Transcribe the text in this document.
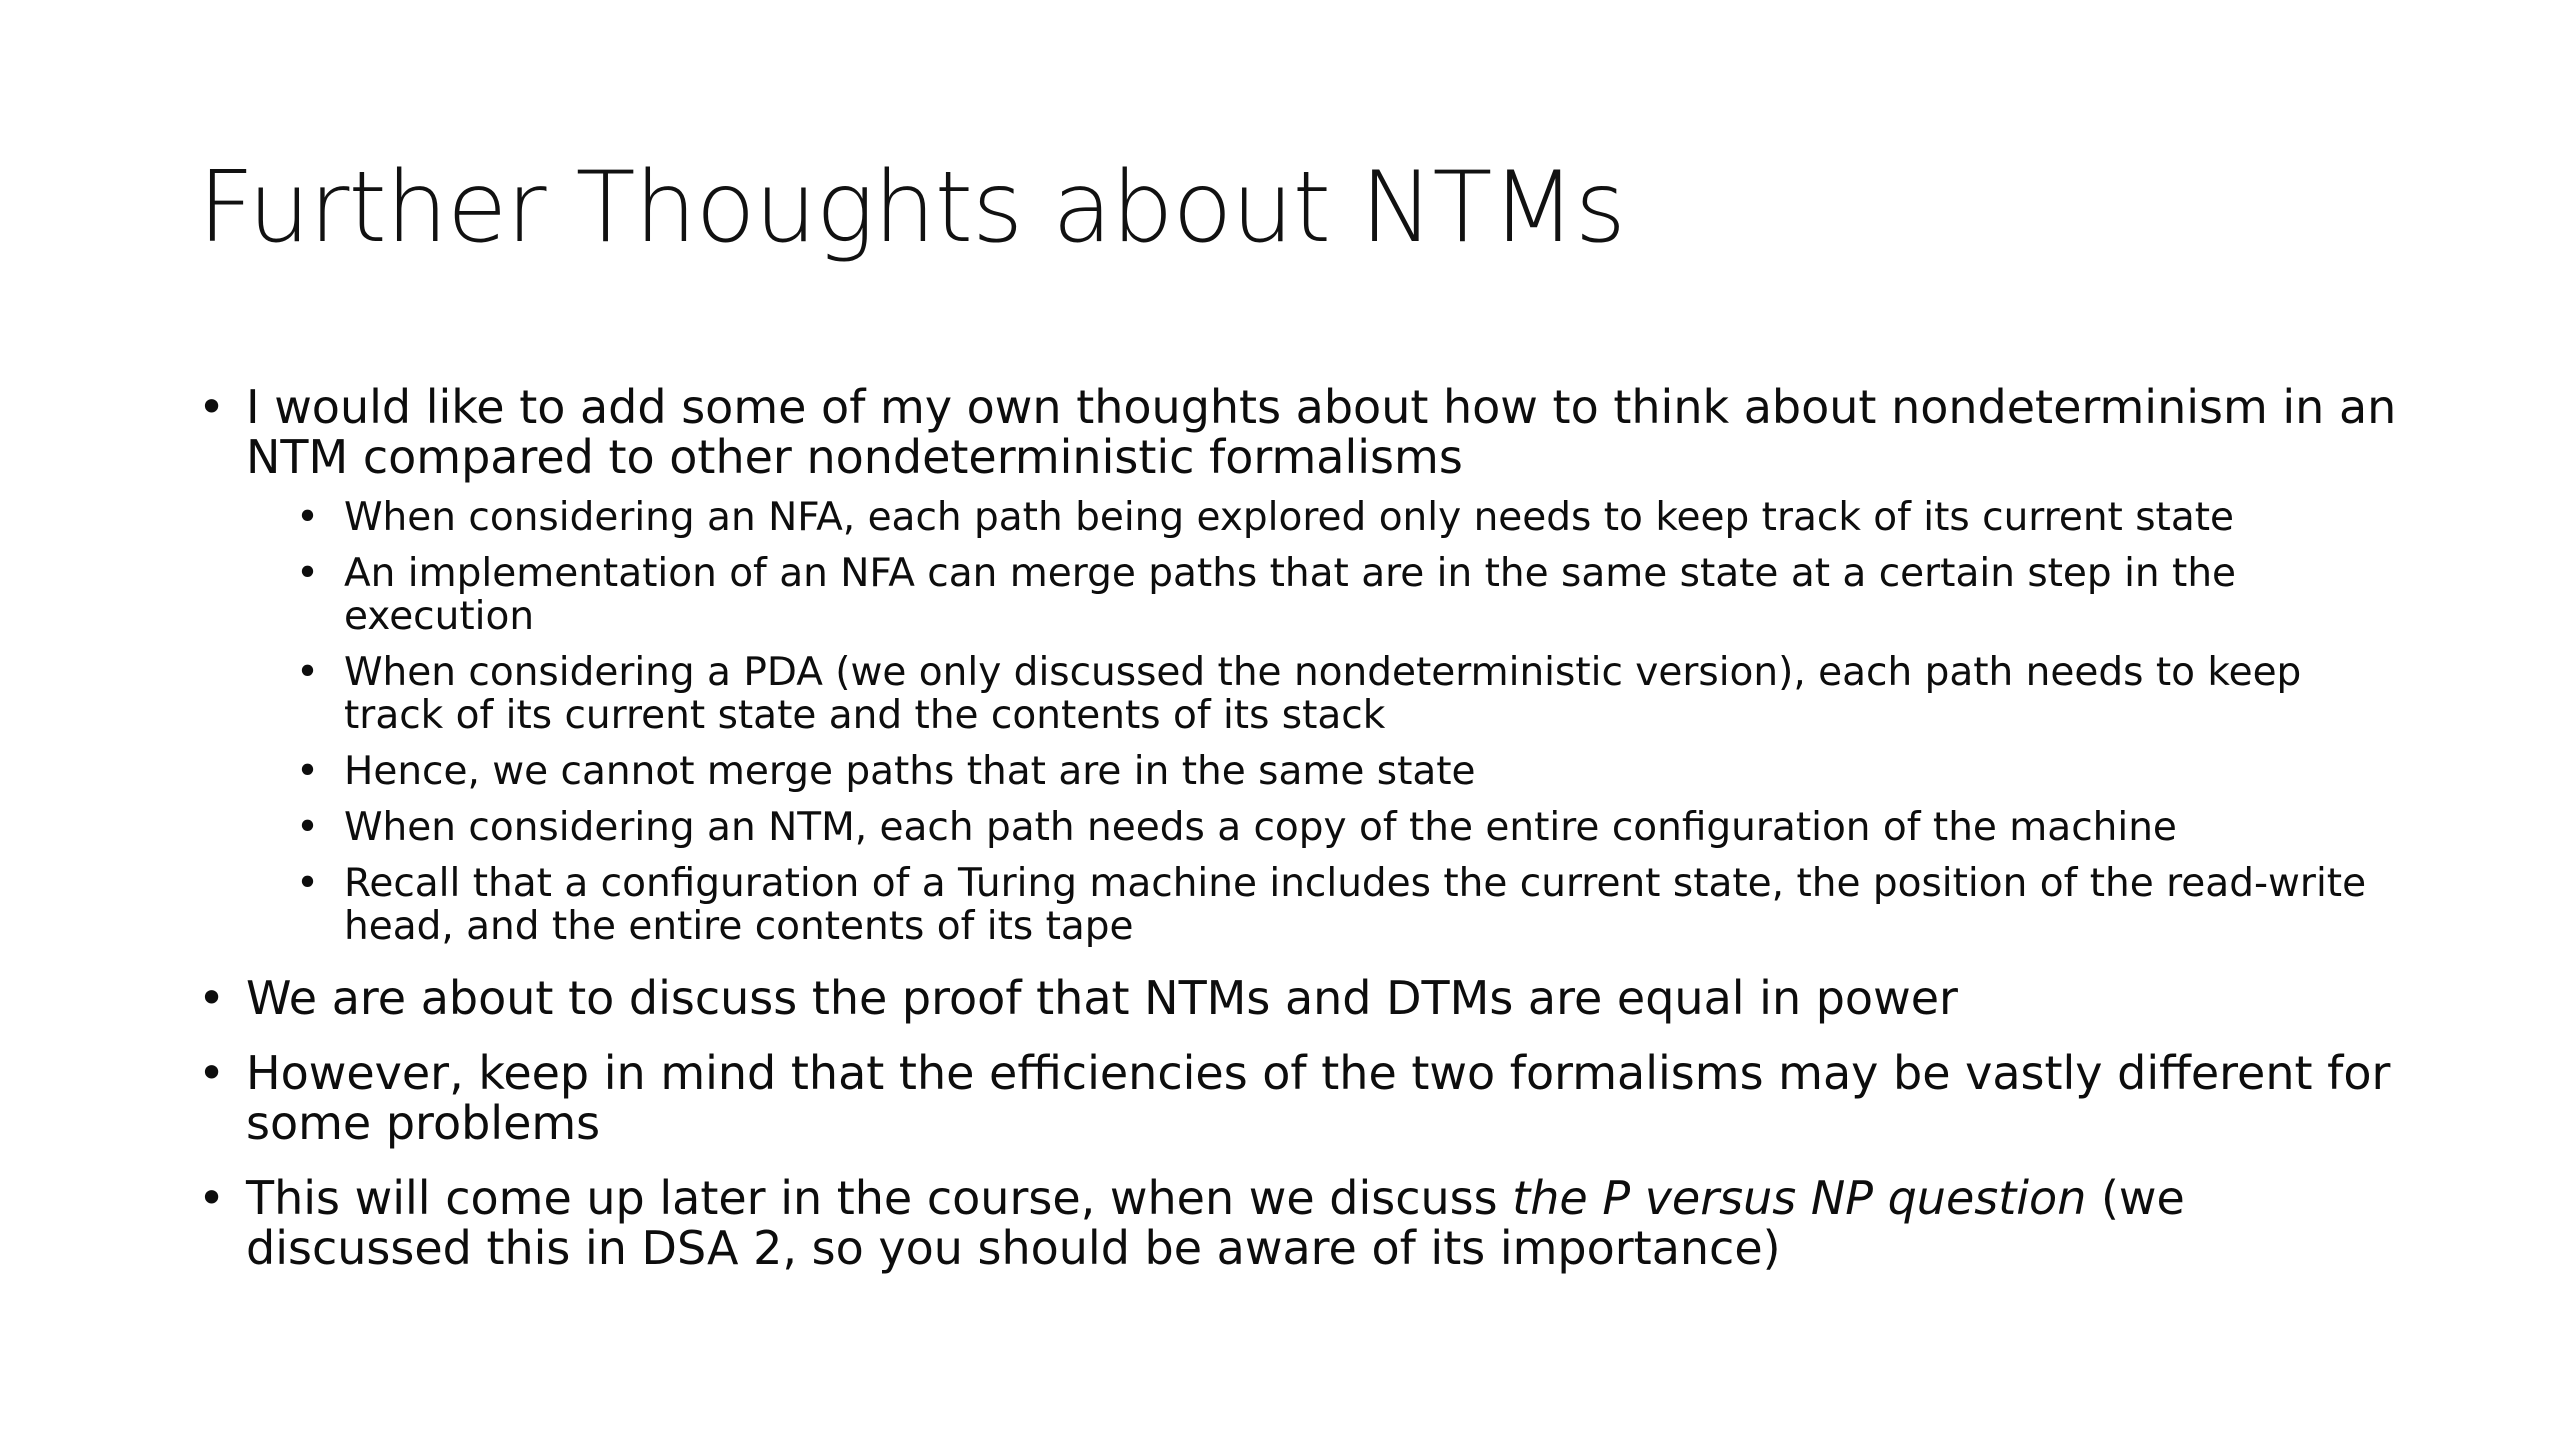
Further Thoughts about NTMs
• I would like to add some of my own thoughts about how to think about nondeterminism in an NTM compared to other nondeterministic formalisms
• When considering an NFA, each path being explored only needs to keep track of its current state
• An implementation of an NFA can merge paths that are in the same state at a certain step in the execution
• When considering a PDA (we only discussed the nondeterministic version), each path needs to keep track of its current state and the contents of its stack
• Hence, we cannot merge paths that are in the same state
• When considering an NTM, each path needs a copy of the entire configuration of the machine
• Recall that a configuration of a Turing machine includes the current state, the position of the read-write head, and the entire contents of its tape
• We are about to discuss the proof that NTMs and DTMs are equal in power
• However, keep in mind that the efficiencies of the two formalisms may be vastly different for some problems
• This will come up later in the course, when we discuss the P versus NP question (we discussed this in DSA 2, so you should be aware of its importance)
